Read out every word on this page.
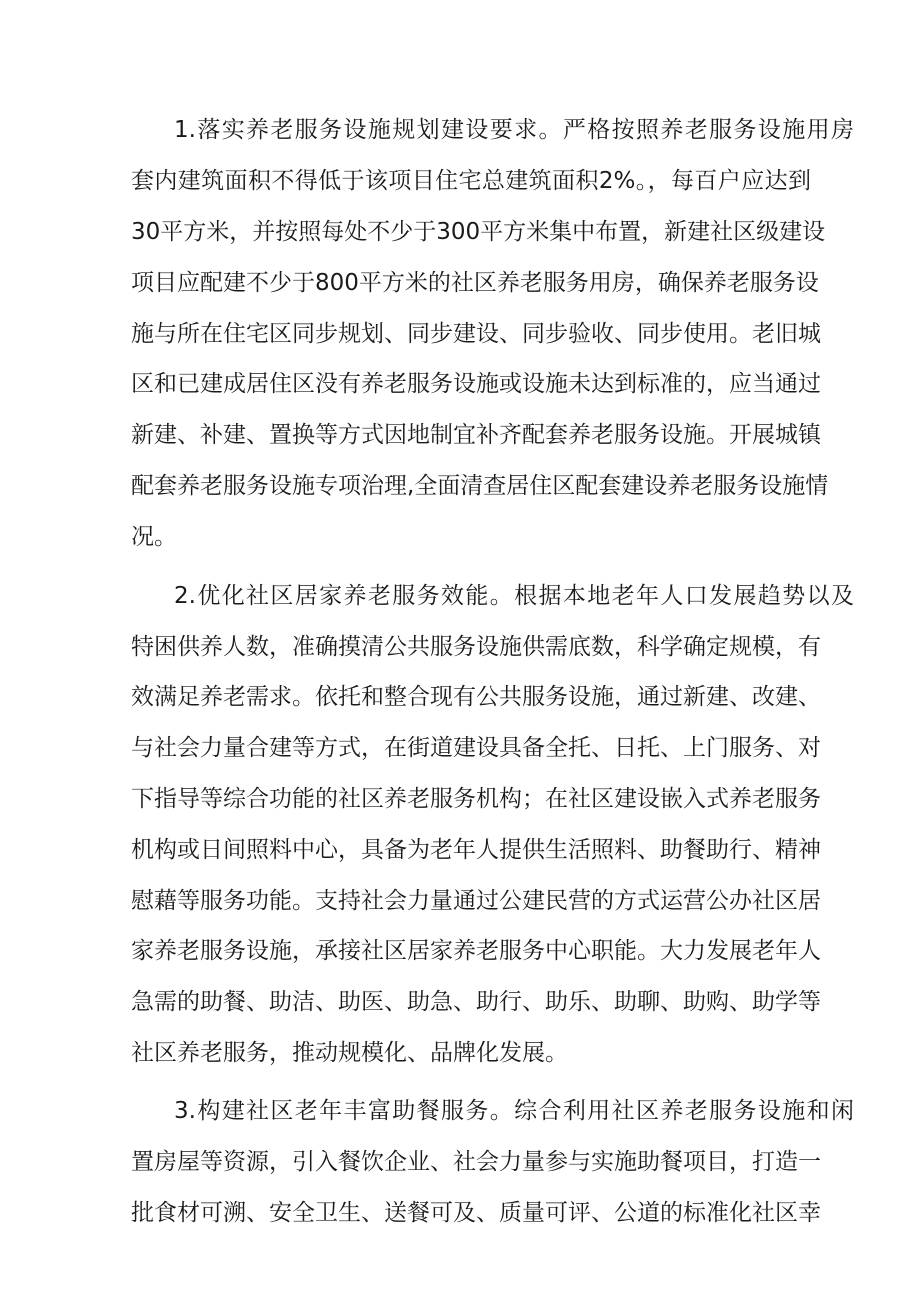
1.落实养老服务设施规划建设要求。严格按照养老服务设施用房
套内建筑面积不得低于该项目住宅总建筑面积2%。，每百户应达到
30平方米，并按照每处不少于300平方米集中布置，新建社区级建设
项目应配建不少于800平方米的社区养老服务用房，确保养老服务设
施与所在住宅区同步规划、同步建设、同步验收、同步使用。老旧城
区和已建成居住区没有养老服务设施或设施未达到标准的，应当通过
新建、补建、置换等方式因地制宜补齐配套养老服务设施。开展城镇
配套养老服务设施专项治理,全面清查居住区配套建设养老服务设施情
况。
2.优化社区居家养老服务效能。根据本地老年人口发展趋势以及
特困供养人数，准确摸清公共服务设施供需底数，科学确定规模，有
效满足养老需求。依托和整合现有公共服务设施，通过新建、改建、
与社会力量合建等方式，在街道建设具备全托、日托、上门服务、对
下指导等综合功能的社区养老服务机构；在社区建设嵌入式养老服务
机构或日间照料中心，具备为老年人提供生活照料、助餐助行、精神
慰藉等服务功能。支持社会力量通过公建民营的方式运营公办社区居
家养老服务设施，承接社区居家养老服务中心职能。大力发展老年人
急需的助餐、助洁、助医、助急、助行、助乐、助聊、助购、助学等
社区养老服务，推动规模化、品牌化发展。
3.构建社区老年丰富助餐服务。综合利用社区养老服务设施和闲
置房屋等资源，引入餐饮企业、社会力量参与实施助餐项目，打造一
批食材可溯、安全卫生、送餐可及、质量可评、公道的标准化社区幸
